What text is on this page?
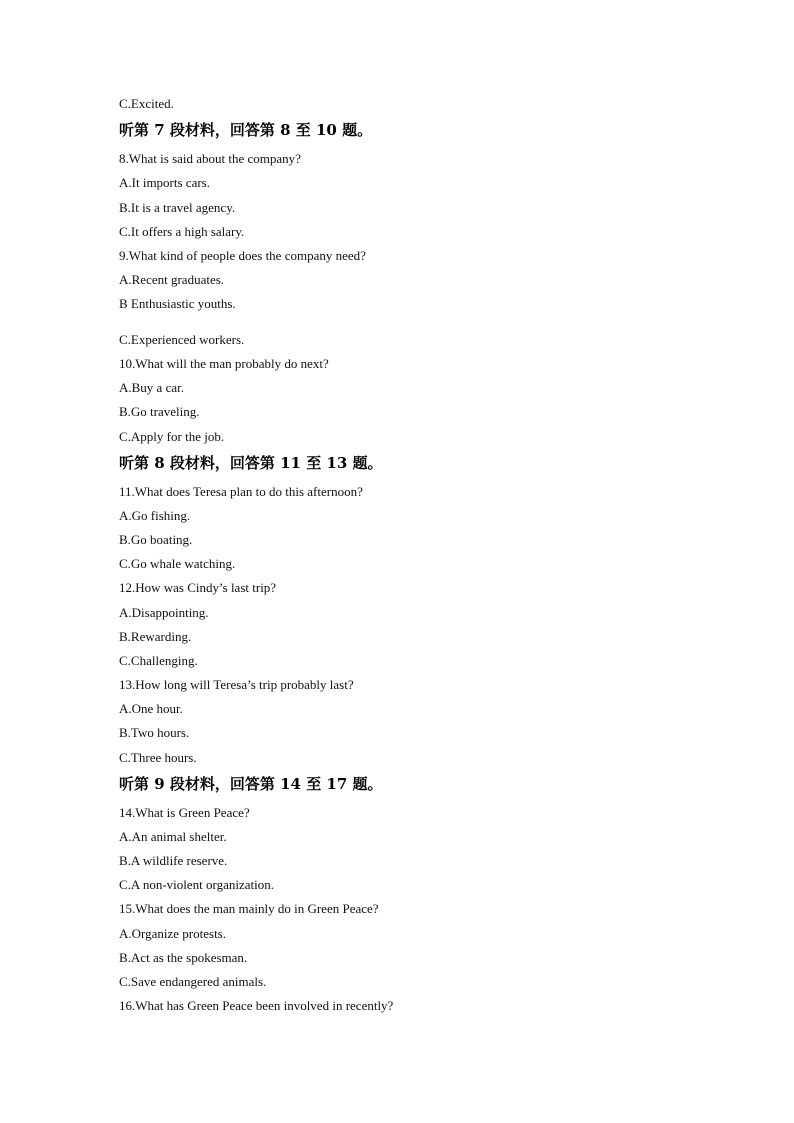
C.Excited.

听第 7 段材料，回答第 8 至 10 题。

8.What is said about the company?

A.It imports cars.

B.It is a travel agency.

C.It offers a high salary.

9.What kind of people does the company need?

A.Recent graduates.

B Enthusiastic youths.

C.Experienced workers.

10.What will the man probably do next?

A.Buy a car.

B.Go traveling.

C.Apply for the job.

听第 8 段材料，回答第 11 至 13 题。

11.What does Teresa plan to do this afternoon?

A.Go fishing.

B.Go boating.

C.Go whale watching.

12.How was Cindy’s last trip?

A.Disappointing.

B.Rewarding.

C.Challenging.

13.How long will Teresa’s trip probably last?

A.One hour.

B.Two hours.

C.Three hours.

听第 9 段材料，回答第 14 至 17 题。

14.What is Green Peace?

A.An animal shelter.

B.A wildlife reserve.

C.A non-violent organization.

15.What does the man mainly do in Green Peace?

A.Organize protests.

B.Act as the spokesman.

C.Save endangered animals.

16.What has Green Peace been involved in recently?
